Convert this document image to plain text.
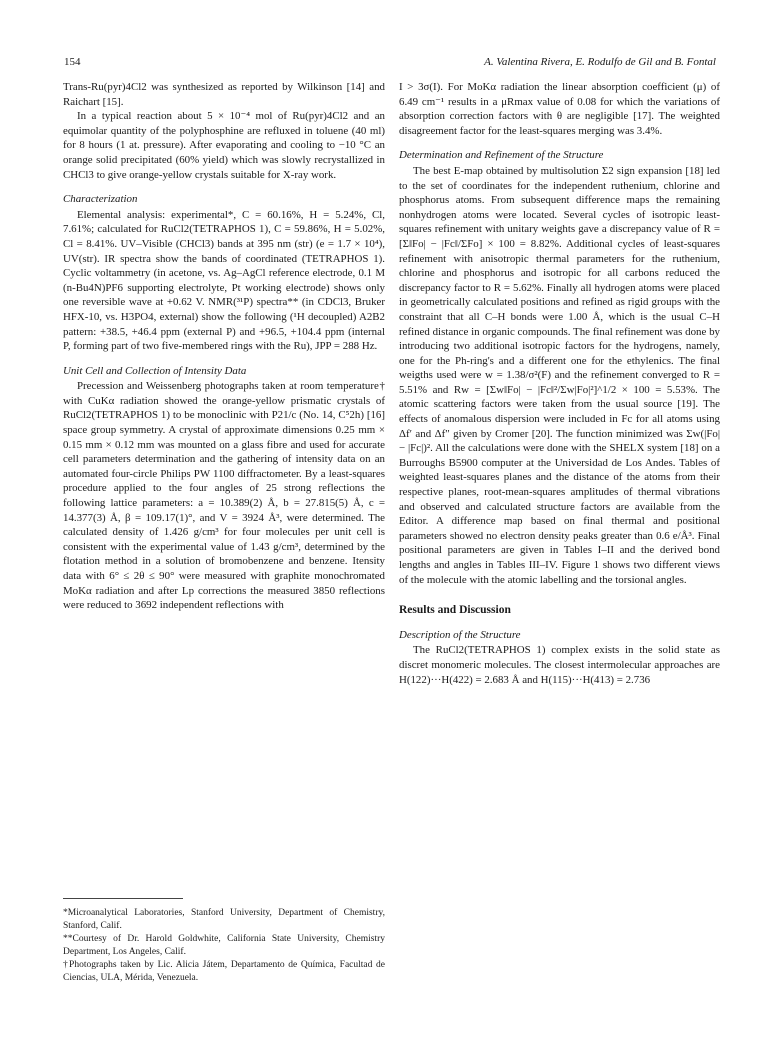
154	A. Valentina Rivera, E. Rodulfo de Gil and B. Fontal

Trans-Ru(pyr)4Cl2 was synthesized as reported by Wilkinson [14] and Raichart [15].

In a typical reaction about 5 × 10⁻⁴ mol of Ru(pyr)4Cl2 and an equimolar quantity of the polyphosphine are refluxed in toluene (40 ml) for 8 hours (1 at. pressure). After evaporating and cooling to −10 °C an orange solid precipitated (60% yield) which was slowly recrystallized in CHCl3 to give orange-yellow crystals suitable for X-ray work.

Characterization

Elemental analysis: experimental*, C = 60.16%, H = 5.24%, Cl, 7.61%; calculated for RuCl2(TETRAPHOS 1), C = 59.86%, H = 5.02%, Cl = 8.41%. UV–Visible (CHCl3) bands at 395 nm (str) (e = 1.7 × 10⁴), UV(str). IR spectra show the bands of coordinated (TETRAPHOS 1). Cyclic voltammetry (in acetone, vs. Ag–AgCl reference electrode, 0.1 M (n-Bu4N)PF6 supporting electrolyte, Pt working electrode) shows only one reversible wave at +0.62 V. NMR(³¹P) spectra** (in CDCl3, Bruker HFX-10, vs. H3PO4, external) show the following (¹H decoupled) A2B2 pattern: +38.5, +46.4 ppm (external P) and +96.5, +104.4 ppm (internal P, forming part of two five-membered rings with the Ru), JPP = 288 Hz.

Unit Cell and Collection of Intensity Data

Precession and Weissenberg photographs taken at room temperature† with CuKα radiation showed the orange-yellow prismatic crystals of RuCl2(TETRAPHOS 1) to be monoclinic with P21/c (No. 14, C⁵2h) [16] space group symmetry. A crystal of approximate dimensions 0.25 mm × 0.15 mm × 0.12 mm was mounted on a glass fibre and used for accurate cell parameters determination and the gathering of intensity data on an automated four-circle Philips PW 1100 diffractometer. By a least-squares procedure applied to the four angles of 25 strong reflections the following lattice parameters: a = 10.389(2) Å, b = 27.815(5) Å, c = 14.377(3) Å, β = 109.17(1)°, and V = 3924 Å³, were determined. The calculated density of 1.426 g/cm³ for four molecules per unit cell is consistent with the experimental value of 1.43 g/cm³, determined by the flotation method in a solution of bromobenzene and benzene. Itensity data with 6° ≤ 2θ ≤ 90° were measured with graphite monochromated MoKα radiation and after Lp corrections the measured 3850 reflections were reduced to 3692 independent reflections with

*Microanalytical Laboratories, Stanford University, Department of Chemistry, Stanford, Calif.

**Courtesy of Dr. Harold Goldwhite, California State University, Chemistry Department, Los Angeles, Calif.

†Photographs taken by Lic. Alicia Játem, Departamento de Química, Facultad de Ciencias, ULA, Mérida, Venezuela.

I > 3σ(I). For MoKα radiation the linear absorption coefficient (μ) of 6.49 cm⁻¹ results in a μRmax value of 0.08 for which the variations of absorption correction factors with θ are negligible [17]. The weighted disagreement factor for the least-squares merging was 3.4%.

Determination and Refinement of the Structure

The best E-map obtained by multisolution Σ2 sign expansion [18] led to the set of coordinates for the independent ruthenium, chlorine and phosphorus atoms. From subsequent difference maps the remaining nonhydrogen atoms were located. Several cycles of isotropic least-squares refinement with unitary weights gave a discrepancy value of R = [Σ‖Fo| − |Fc‖/ΣFo] × 100 = 8.82%. Additional cycles of least-squares refinement with anisotropic thermal parameters for the ruthenium, chlorine and phosphorus and isotropic for all carbons reduced the discrepancy factor to R = 5.62%. Finally all hydrogen atoms were placed in geometrically calculated positions and refined as rigid groups with the constraint that all C–H bonds were 1.00 Å, which is the usual C–H refined distance in organic compounds. The final refinement was done by introducing two additional isotropic factors for the hydrogens, namely, one for the Ph-ring's and a different one for the ethylenics. The final weigths used were w = 1.38/σ²(F) and the refinement converged to R = 5.51% and Rw = [Σw‖Fo| − |Fc‖²/Σw|Fo|²]^1/2 × 100 = 5.53%. The atomic scattering factors were taken from the usual source [19]. The effects of anomalous dispersion were included in Fc for all atoms using Δf′ and Δf″ given by Cromer [20]. The function minimized was Σw(|Fo| − |Fc|)². All the calculations were done with the SHELX system [18] on a Burroughs B5900 computer at the Universidad de Los Andes. Tables of weighted least-squares planes and the distance of the atoms from their respective planes, root-mean-squares amplitudes of thermal vibrations and observed and calculated structure factors are available from the Editor. A difference map based on final thermal and positional parameters showed no electron density peaks greater than 0.6 e/Å³. Final positional parameters are given in Tables I–II and the derived bond lengths and angles in Tables III–IV. Figure 1 shows two different views of the molecule with the atomic labelling and the torsional angles.

Results and Discussion
Description of the Structure

The RuCl2(TETRAPHOS 1) complex exists in the solid state as discret monomeric molecules. The closest intermolecular approaches are H(122)···H(422) = 2.683 Å and H(115)···H(413) = 2.736
